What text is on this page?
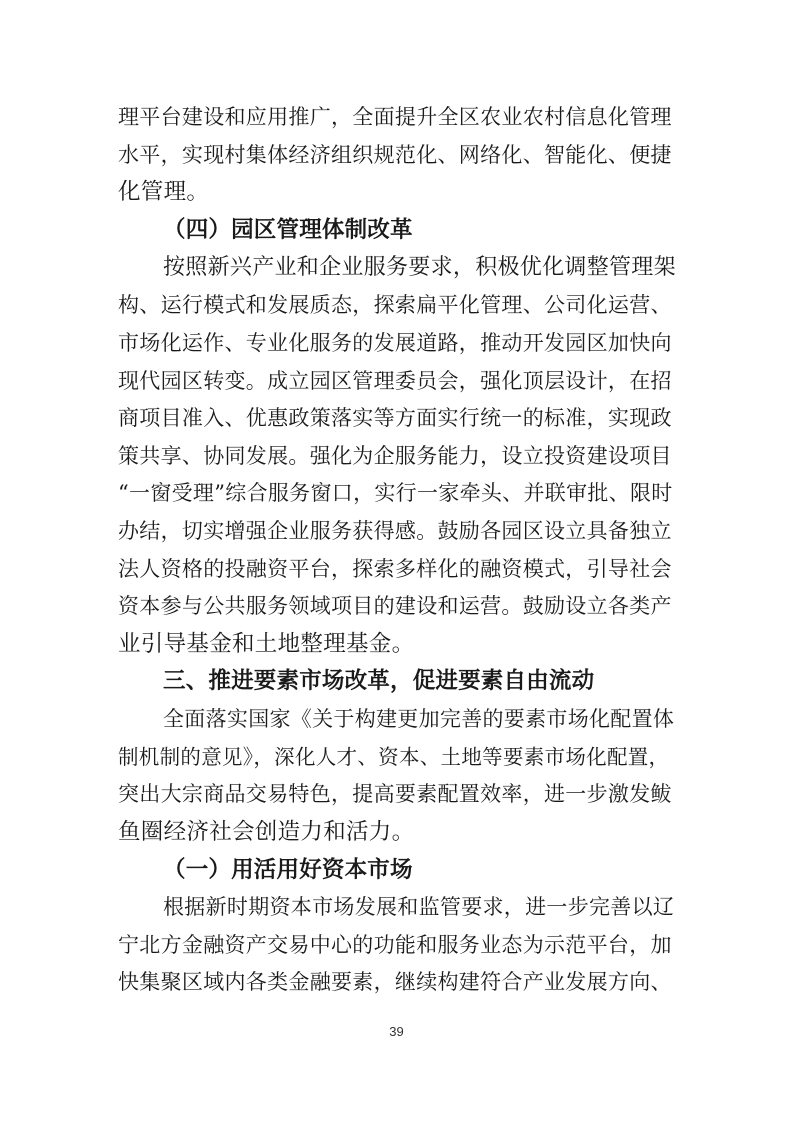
理平台建设和应用推广，全面提升全区农业农村信息化管理
水平，实现村集体经济组织规范化、网络化、智能化、便捷
化管理。
（四）园区管理体制改革
按照新兴产业和企业服务要求，积极优化调整管理架
构、运行模式和发展质态，探索扁平化管理、公司化运营、
市场化运作、专业化服务的发展道路，推动开发园区加快向
现代园区转变。成立园区管理委员会，强化顶层设计，在招
商项目准入、优惠政策落实等方面实行统一的标准，实现政
策共享、协同发展。强化为企服务能力，设立投资建设项目
“一窗受理”综合服务窗口，实行一家牵头、并联审批、限时
办结，切实增强企业服务获得感。鼓励各园区设立具备独立
法人资格的投融资平台，探索多样化的融资模式，引导社会
资本参与公共服务领域项目的建设和运营。鼓励设立各类产
业引导基金和土地整理基金。
三、推进要素市场改革，促进要素自由流动
全面落实国家《关于构建更加完善的要素市场化配置体
制机制的意见》，深化人才、资本、土地等要素市场化配置，
突出大宗商品交易特色，提高要素配置效率，进一步激发鲅
鱼圈经济社会创造力和活力。
（一）用活用好资本市场
根据新时期资本市场发展和监管要求，进一步完善以辽
宁北方金融资产交易中心的功能和服务业态为示范平台，加
快集聚区域内各类金融要素，继续构建符合产业发展方向、
39
